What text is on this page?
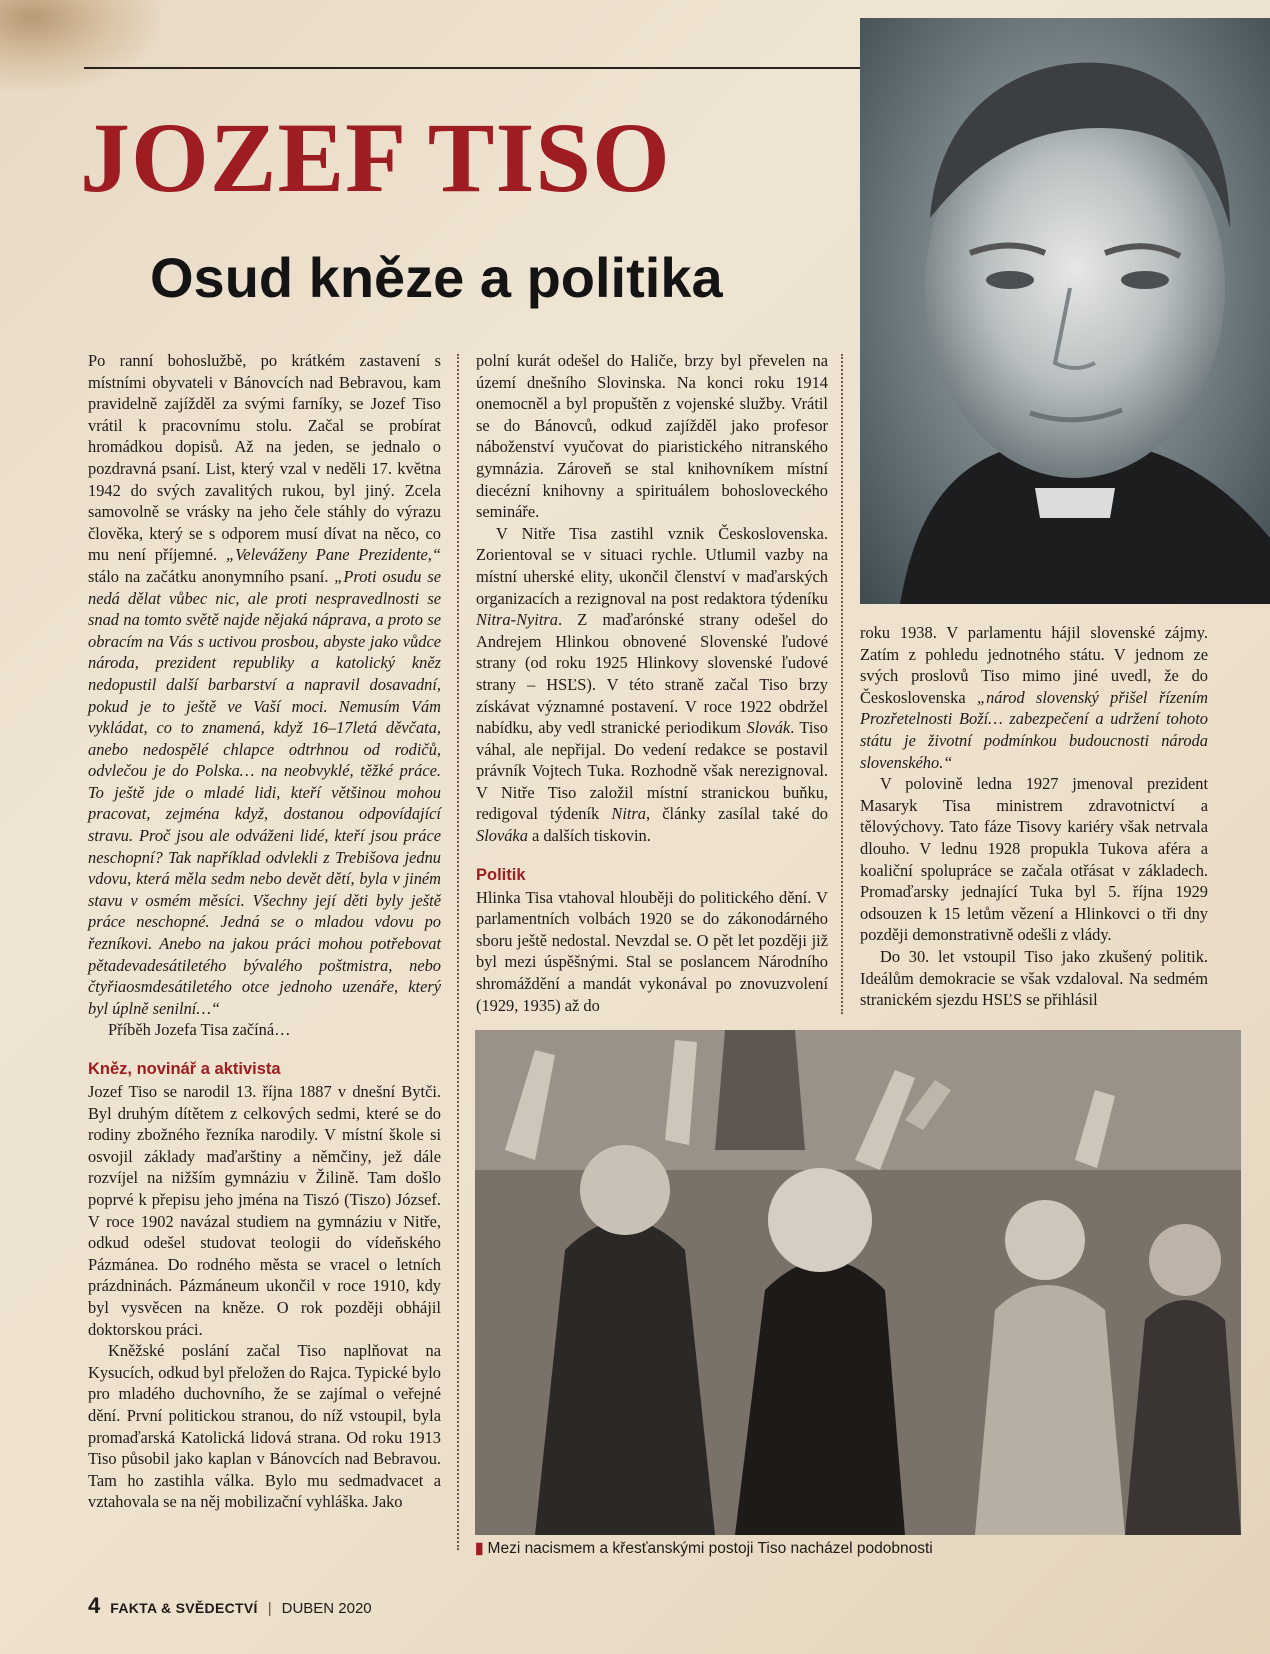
JOZEF TISO
Osud kněze a politika

Po ranní bohoslužbě, po krátkém zastavení s místními obyvateli v Bánovcích nad Bebravou, kam pravidelně zajížděl za svými farníky, se Jozef Tiso vrátil k pracovnímu stolu. Začal se probírat hromádkou dopisů. Až na jeden, se jednalo o pozdravná psaní. List, který vzal v neděli 17. května 1942 do svých zavalitých rukou, byl jiný. Zcela samovolně se vrásky na jeho čele stáhly do výrazu člověka, který se s odporem musí dívat na něco, co mu není příjemné. „Veleváženy Pane Prezidente,“ stálo na začátku anonymního psaní. „Proti osudu se nedá dělat vůbec nic, ale proti nespravedlnosti se snad na tomto světě najde nějaká náprava, a proto se obracím na Vás s uctivou prosbou, abyste jako vůdce národa, prezident republiky a katolický kněz nedopustil další barbarství a napravil dosavadní, pokud je to ještě ve Vaší moci. Nemusím Vám vykládat, co to znamená, když 16–17letá děvčata, anebo nedospělé chlapce odtrhnou od rodičů, odvlečou je do Polska… na neobvyklé, těžké práce. To ještě jde o mladé lidi, kteří většinou mohou pracovat, zejména když, dostanou odpovídající stravu. Proč jsou ale odváženi lidé, kteří jsou práce neschopní? Tak například odvlekli z Trebišova jednu vdovu, která měla sedm nebo devět dětí, byla v jiném stavu v osmém měsíci. Všechny její děti byly ještě práce neschopné. Jedná se o mladou vdovu po řezníkovi. Anebo na jakou práci mohou potřebovat pětadevadesátiletého bývalého poštmistra, nebo čtyřiaosmdesátiletého otce jednoho uzenáře, který byl úplně senilní…“

Příběh Jozefa Tisa začíná…

Kněz, novinář a aktivista

Jozef Tiso se narodil 13. října 1887 v dnešní Bytči. Byl druhým dítětem z celkových sedmi, které se do rodiny zbožného řezníka narodily. V místní škole si osvojil základy maďarštiny a němčiny, jež dále rozvíjel na nižším gymnáziu v Žilině. Tam došlo poprvé k přepisu jeho jména na Tiszó (Tiszo) József. V roce 1902 navázal studiem na gymnáziu v Nitře, odkud odešel studovat teologii do vídeňského Pázmánea. Do rodného města se vracel o letních prázdninách. Pázmáneum ukončil v roce 1910, kdy byl vysvěcen na kněze. O rok později obhájil doktorskou práci.

Kněžské poslání začal Tiso naplňovat na Kysucích, odkud byl přeložen do Rajca. Typické bylo pro mladého duchovního, že se zajímal o veřejné dění. První politickou stranou, do níž vstoupil, byla promaďarská Katolická lidová strana. Od roku 1913 Tiso působil jako kaplan v Bánovcích nad Bebravou. Tam ho zastihla válka. Bylo mu sedmadvacet a vztahovala se na něj mobilizační vyhláška. Jako

polní kurát odešel do Haliče, brzy byl převelen na území dnešního Slovinska. Na konci roku 1914 onemocněl a byl propuštěn z vojenské služby. Vrátil se do Bánovců, odkud zajížděl jako profesor náboženství vyučovat do piaristického nitranského gymnázia. Zároveň se stal knihovníkem místní diecézní knihovny a spirituálem bohosloveckého semináře.

V Nitře Tisa zastihl vznik Československa. Zorientoval se v situaci rychle. Utlumil vazby na místní uherské elity, ukončil členství v maďarských organizacích a rezignoval na post redaktora týdeníku Nitra-Nyitra. Z maďarónské strany odešel do Andrejem Hlinkou obnovené Slovenské ľudové strany (od roku 1925 Hlinkovy slovenské ľudové strany – HSĽS). V této straně začal Tiso brzy získávat významné postavení. V roce 1922 obdržel nabídku, aby vedl stranické periodikum Slovák. Tiso váhal, ale nepřijal. Do vedení redakce se postavil právník Vojtech Tuka. Rozhodně však nerezignoval. V Nitře Tiso založil místní stranickou buňku, redigoval týdeník Nitra, články zasílal také do Slováka a dalších tiskovin.

Politik

Hlinka Tisa vtahoval hlouběji do politického dění. V parlamentních volbách 1920 se do zákonodárného sboru ještě nedostal. Nevzdal se. O pět let později již byl mezi úspěšnými. Stal se poslancem Národního shromáždění a mandát vykonával po znovuzvolení (1929, 1935) až do

roku 1938. V parlamentu hájil slovenské zájmy. Zatím z pohledu jednotného státu. V jednom ze svých proslovů Tiso mimo jiné uvedl, že do Československa „národ slovenský přišel řízením Prozřetelnosti Boží… zabezpečení a udržení tohoto státu je životní podmínkou budoucnosti národa slovenského.“

V polovině ledna 1927 jmenoval prezident Masaryk Tisa ministrem zdravotnictví a tělovýchovy. Tato fáze Tisovy kariéry však netrvala dlouho. V lednu 1928 propukla Tukova aféra a koaliční spolupráce se začala otřásat v základech. Promaďarsky jednající Tuka byl 5. října 1929 odsouzen k 15 letům vězení a Hlinkovci o tři dny později demonstrativně odešli z vlády.

Do 30. let vstoupil Tiso jako zkušený politik. Ideálům demokracie se však vzdaloval. Na sedmém stranickém sjezdu HSĽS se přihlásil

▮ Mezi nacismem a křesťanskými postoji Tiso nacházel podobnosti
4 FAKTA & SVĚDECTVÍ | DUBEN 2020
